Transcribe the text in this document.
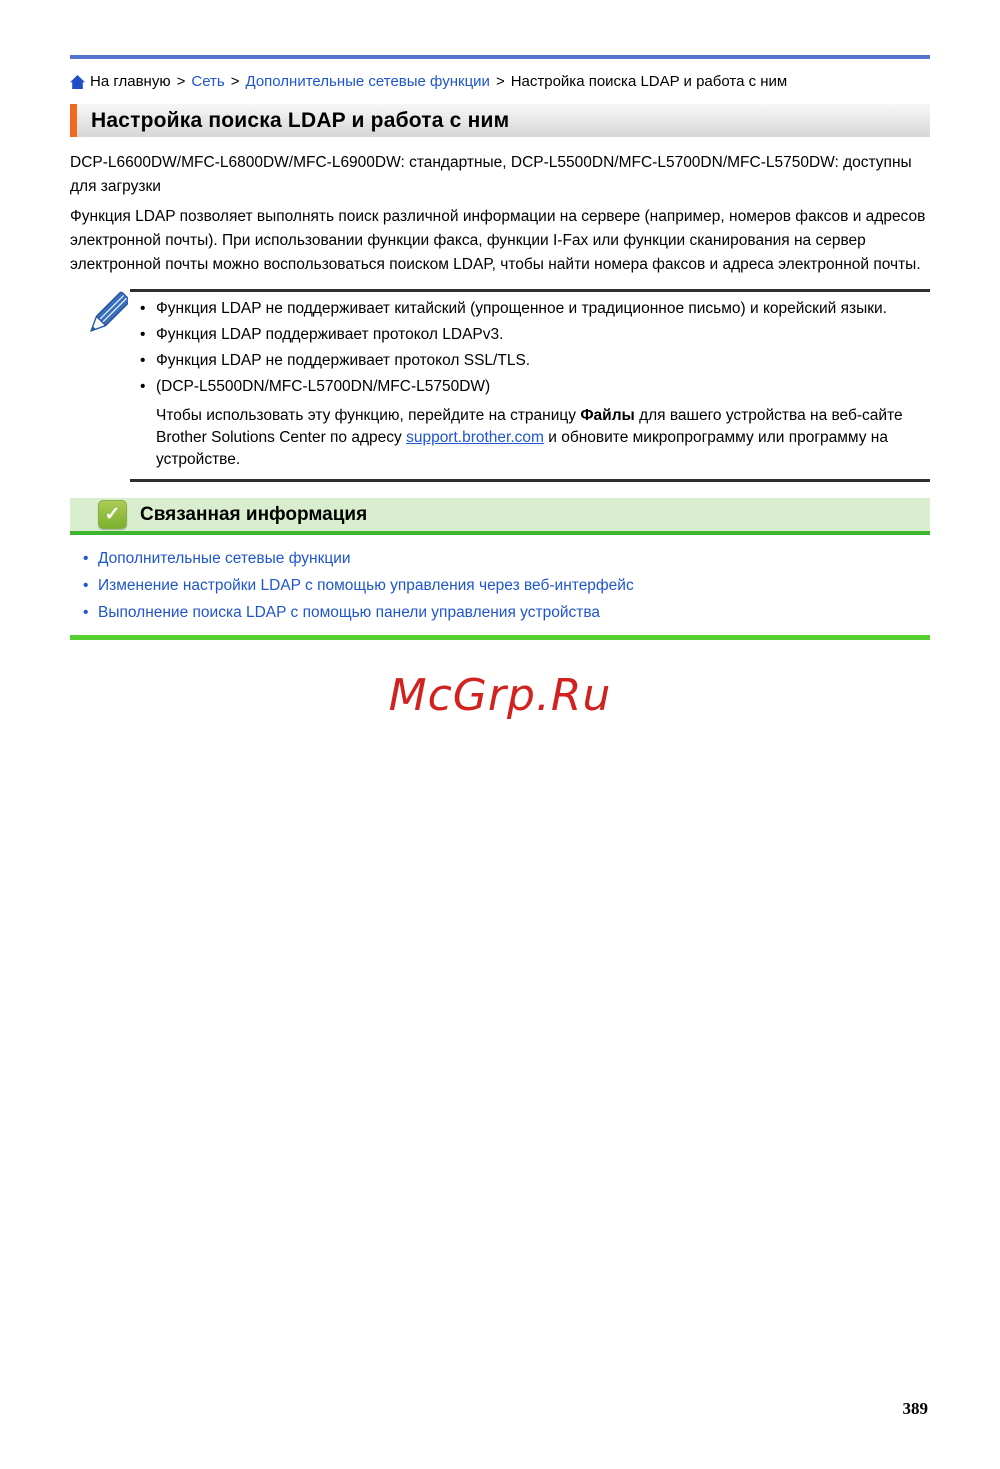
На главную > Сеть > Дополнительные сетевые функции > Настройка поиска LDAP и работа с ним
Настройка поиска LDAP и работа с ним

DCP-L6600DW/MFC-L6800DW/MFC-L6900DW: стандартные, DCP-L5500DN/MFC-L5700DN/MFC-L5750DW: доступны для загрузки

Функция LDAP позволяет выполнять поиск различной информации на сервере (например, номеров факсов и адресов электронной почты). При использовании функции факса, функции I-Fax или функции сканирования на сервер электронной почты можно воспользоваться поиском LDAP, чтобы найти номера факсов и адреса электронной почты.

• Функция LDAP не поддерживает китайский (упрощенное и традиционное письмо) и корейский языки.
• Функция LDAP поддерживает протокол LDAPv3.
• Функция LDAP не поддерживает протокол SSL/TLS.
• (DCP-L5500DN/MFC-L5700DN/MFC-L5750DW)

Чтобы использовать эту функцию, перейдите на страницу Файлы для вашего устройства на веб-сайте Brother Solutions Center по адресу support.brother.com и обновите микропрограмму или программу на устройстве.

✓	Связанная информация
• Дополнительные сетевые функции
• Изменение настройки LDAP с помощью управления через веб-интерфейс
• Выполнение поиска LDAP с помощью панели управления устройства
McGrp.Ru
389
